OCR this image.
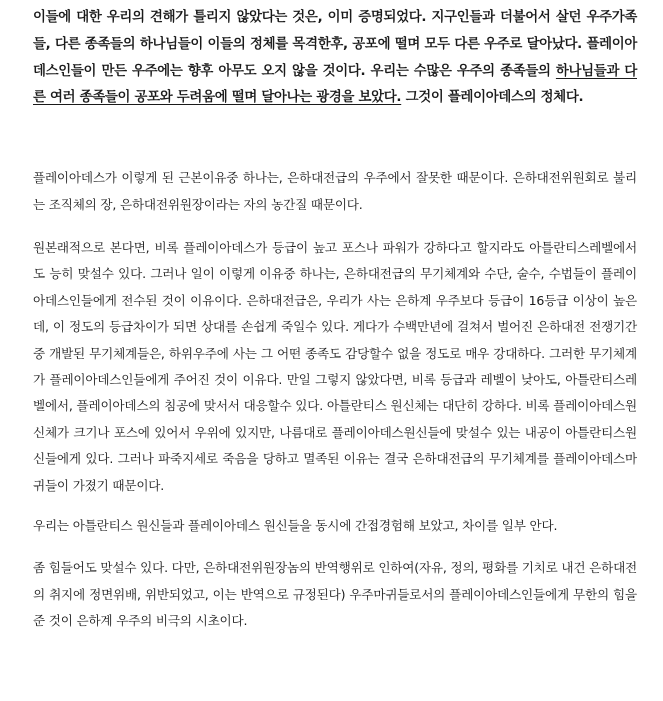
이들에 대한 우리의 견해가 틀리지 않았다는 것은, 이미 증명되었다. 지구인들과 더불어서 살던 우주가족들, 다른 종족들의 하나님들이 이들의 정체를 목격한후, 공포에 떨며 모두 다른 우주로 달아났다. 플레이아데스인들이 만든 우주에는 향후 아무도 오지 않을 것이다. 우리는 수많은 우주의 종족들의 하나님들과 다른 여러 종족들이 공포와 두려움에 떨며 달아나는 광경을 보았다. 그것이 플레이아데스의 정체다.

플레이아데스가 이렇게 된 근본이유중 하나는, 은하대전급의 우주에서 잘못한 때문이다. 은하대전위원회로 불리는 조직체의 장, 은하대전위원장이라는 자의 농간질 때문이다.

원본래적으로 본다면, 비록 플레이아데스가 등급이 높고 포스나 파워가 강하다고 할지라도 아틀란티스레벨에서도 능히 맞설수 있다. 그러나 일이 이렇게 이유중 하나는, 은하대전급의 무기체계와 수단, 술수, 수법들이 플레이아데스인들에게 전수된 것이 이유이다. 은하대전급은, 우리가 사는 은하계 우주보다 등급이 16등급 이상이 높은데, 이 정도의 등급차이가 되면 상대를 손쉽게 죽일수 있다. 게다가 수백만년에 걸쳐서 벌어진 은하대전 전쟁기간중 개발된 무기체계들은, 하위우주에 사는 그 어떤 종족도 감당할수 없을 정도로 매우 강대하다. 그러한 무기체계가 플레이아데스인들에게 주어진 것이 이유다. 만일 그렇지 않았다면, 비록 등급과 레벨이 낮아도, 아틀란티스레벨에서, 플레이아데스의 침공에 맞서서 대응할수 있다. 아틀란티스 원신체는 대단히 강하다. 비록 플레이아데스원신체가 크기나 포스에 있어서 우위에 있지만, 나름대로 플레이아데스원신들에 맞설수 있는 내공이 아틀란티스원신들에게 있다. 그러나 파죽지세로 죽음을 당하고 멸족된 이유는 결국 은하대전급의 무기체계를 플레이아데스마귀들이 가졌기 때문이다.

우리는 아틀란티스 원신들과 플레이아데스 원신들을 동시에 간접경험해 보았고, 차이를 일부 안다.

좀 힘들어도 맞설수 있다. 다만, 은하대전위원장놈의 반역행위로 인하여(자유, 정의, 평화를 기치로 내건 은하대전의 취지에 정면위배, 위반되었고, 이는 반역으로 규정된다) 우주마귀들로서의 플레이아데스인들에게 무한의 힘을 준 것이 은하계 우주의 비극의 시초이다.
